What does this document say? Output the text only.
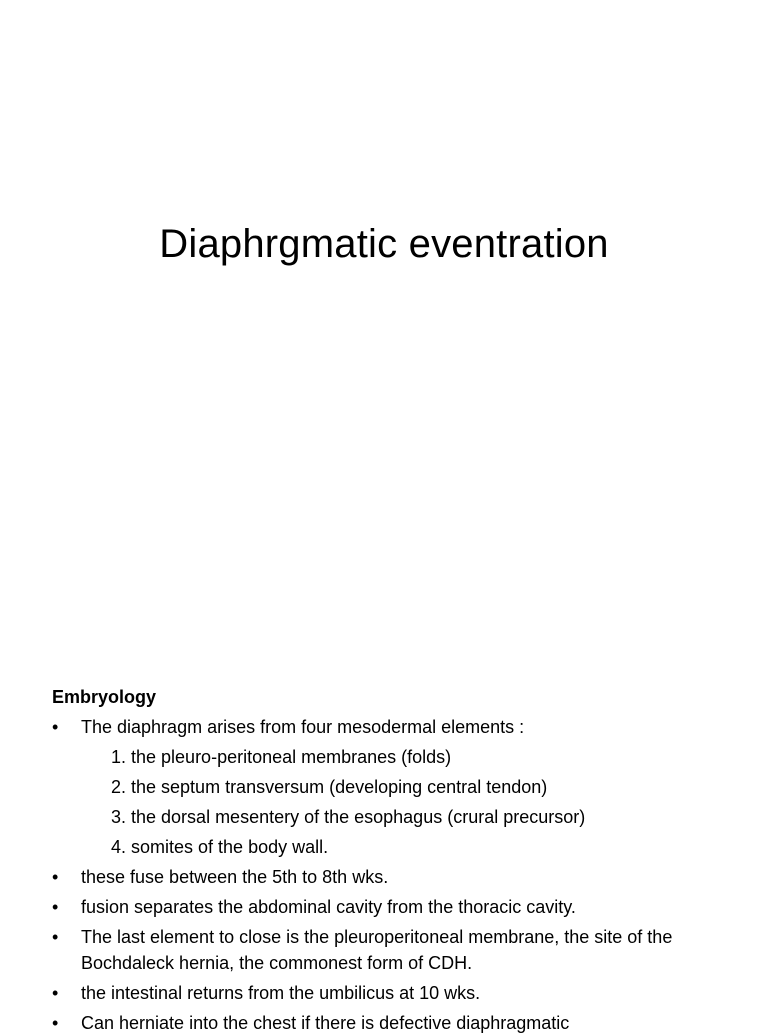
Diaphrgmatic eventration
Embryology
• The diaphragm arises from four mesodermal elements :
1. the pleuro-peritoneal membranes (folds)
2. the septum transversum (developing central tendon)
3. the dorsal mesentery of the esophagus (crural precursor)
4. somites of the body wall.
• these fuse between the 5th to 8th wks.
• fusion separates the abdominal cavity from the thoracic cavity.
• The last element to close is the pleuroperitoneal membrane, the site of the Bochdaleck hernia, the commonest form of CDH.
• the intestinal returns from the umbilicus at 10 wks.
• Can herniate into the chest if there is defective diaphragmatic
